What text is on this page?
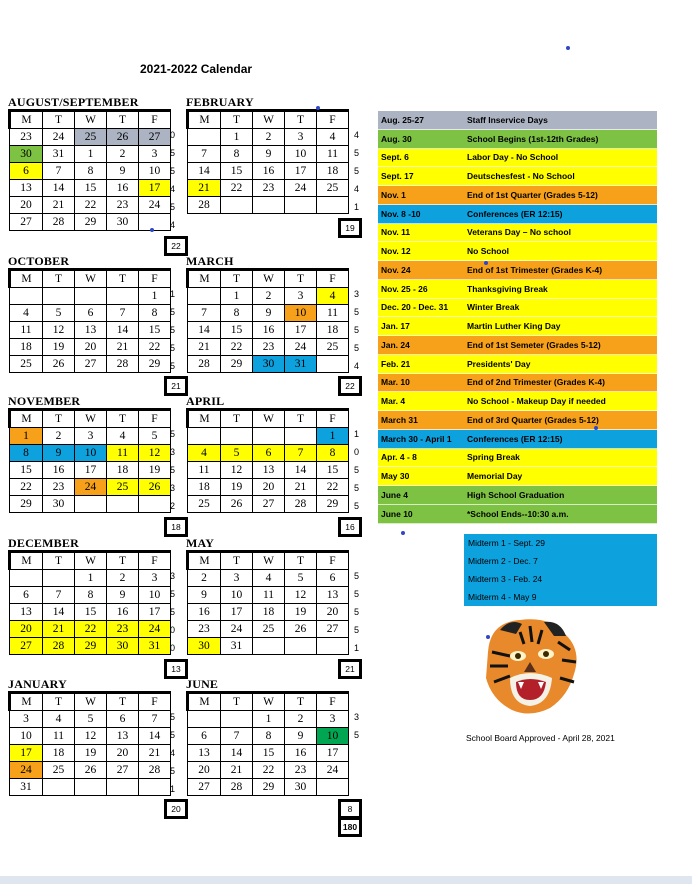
2021-2022 Calendar
AUGUST/SEPTEMBER
0
5
5
4
5
4
M	T	W	T	F
23	24	25	26	27
30	31	1	2	3
6	7	8	9	10
13	14	15	16	17
20	21	22	23	24
27	28	29	30	
22
FEBRUARY
4
5
5
4
1
M	T	W	T	F
	1	2	3	4
7	8	9	10	11
14	15	16	17	18
21	22	23	24	25
28				
19
OCTOBER
1
5
5
5
5
M	T	W	T	F
				1
4	5	6	7	8
11	12	13	14	15
18	19	20	21	22
25	26	27	28	29
21
MARCH
3
5
5
5
4
M	T	W	T	F
	1	2	3	4
7	8	9	10	11
14	15	16	17	18
21	22	23	24	25
28	29	30	31	
22
NOVEMBER
5
3
5
3
2
M	T	W	T	F
1	2	3	4	5
8	9	10	11	12
15	16	17	18	19
22	23	24	25	26
29	30			
18
APRIL
1
0
5
5
5
M	T	W	T	F
				1
4	5	6	7	8
11	12	13	14	15
18	19	20	21	22
25	26	27	28	29
16
DECEMBER
3
5
5
0
0
M	T	W	T	F
		1	2	3
6	7	8	9	10
13	14	15	16	17
20	21	22	23	24
27	28	29	30	31
13
MAY
5
5
5
5
1
M	T	W	T	F
2	3	4	5	6
9	10	11	12	13
16	17	18	19	20
23	24	25	26	27
30	31			
21
JANUARY
5
5
4
5
1
M	T	W	T	F
3	4	5	6	7
10	11	12	13	14
17	18	19	20	21
24	25	26	27	28
31				
20
JUNE
3
5
M	T	W	T	F
		1	2	3
6	7	8	9	10
13	14	15	16	17
20	21	22	23	24
27	28	29	30	
8
180
Aug. 25-27	Staff Inservice Days
Aug. 30	School Begins (1st-12th Grades)
Sept. 6	Labor Day - No School
Sept. 17	Deutschesfest - No School
Nov. 1	End of 1st Quarter (Grades 5-12)
Nov. 8 -10	Conferences (ER 12:15)
Nov. 11	Veterans Day – No school
Nov. 12	No School
Nov. 24	End of 1st Trimester (Grades K-4)
Nov. 25 - 26	Thanksgiving Break
Dec. 20 - Dec. 31	Winter Break
Jan. 17	Martin Luther King Day
Jan. 24	End of 1st Semeter (Grades 5-12)
Feb. 21	Presidents' Day
Mar. 10	End of 2nd Trimester (Grades K-4)
Mar. 4	No School - Makeup Day if needed
March 31	End of 3rd Quarter (Grades 5-12)
March 30 - April 1	Conferences (ER 12:15)
Apr. 4 - 8	Spring Break
May 30	Memorial Day
June 4	High School Graduation
June 10	*School Ends--10:30 a.m.
Midterm 1 - Sept. 29
Midterm 2 - Dec. 7
Midterm 3 - Feb. 24
Midterm 4 - May 9
School Board Approved - April 28, 2021
